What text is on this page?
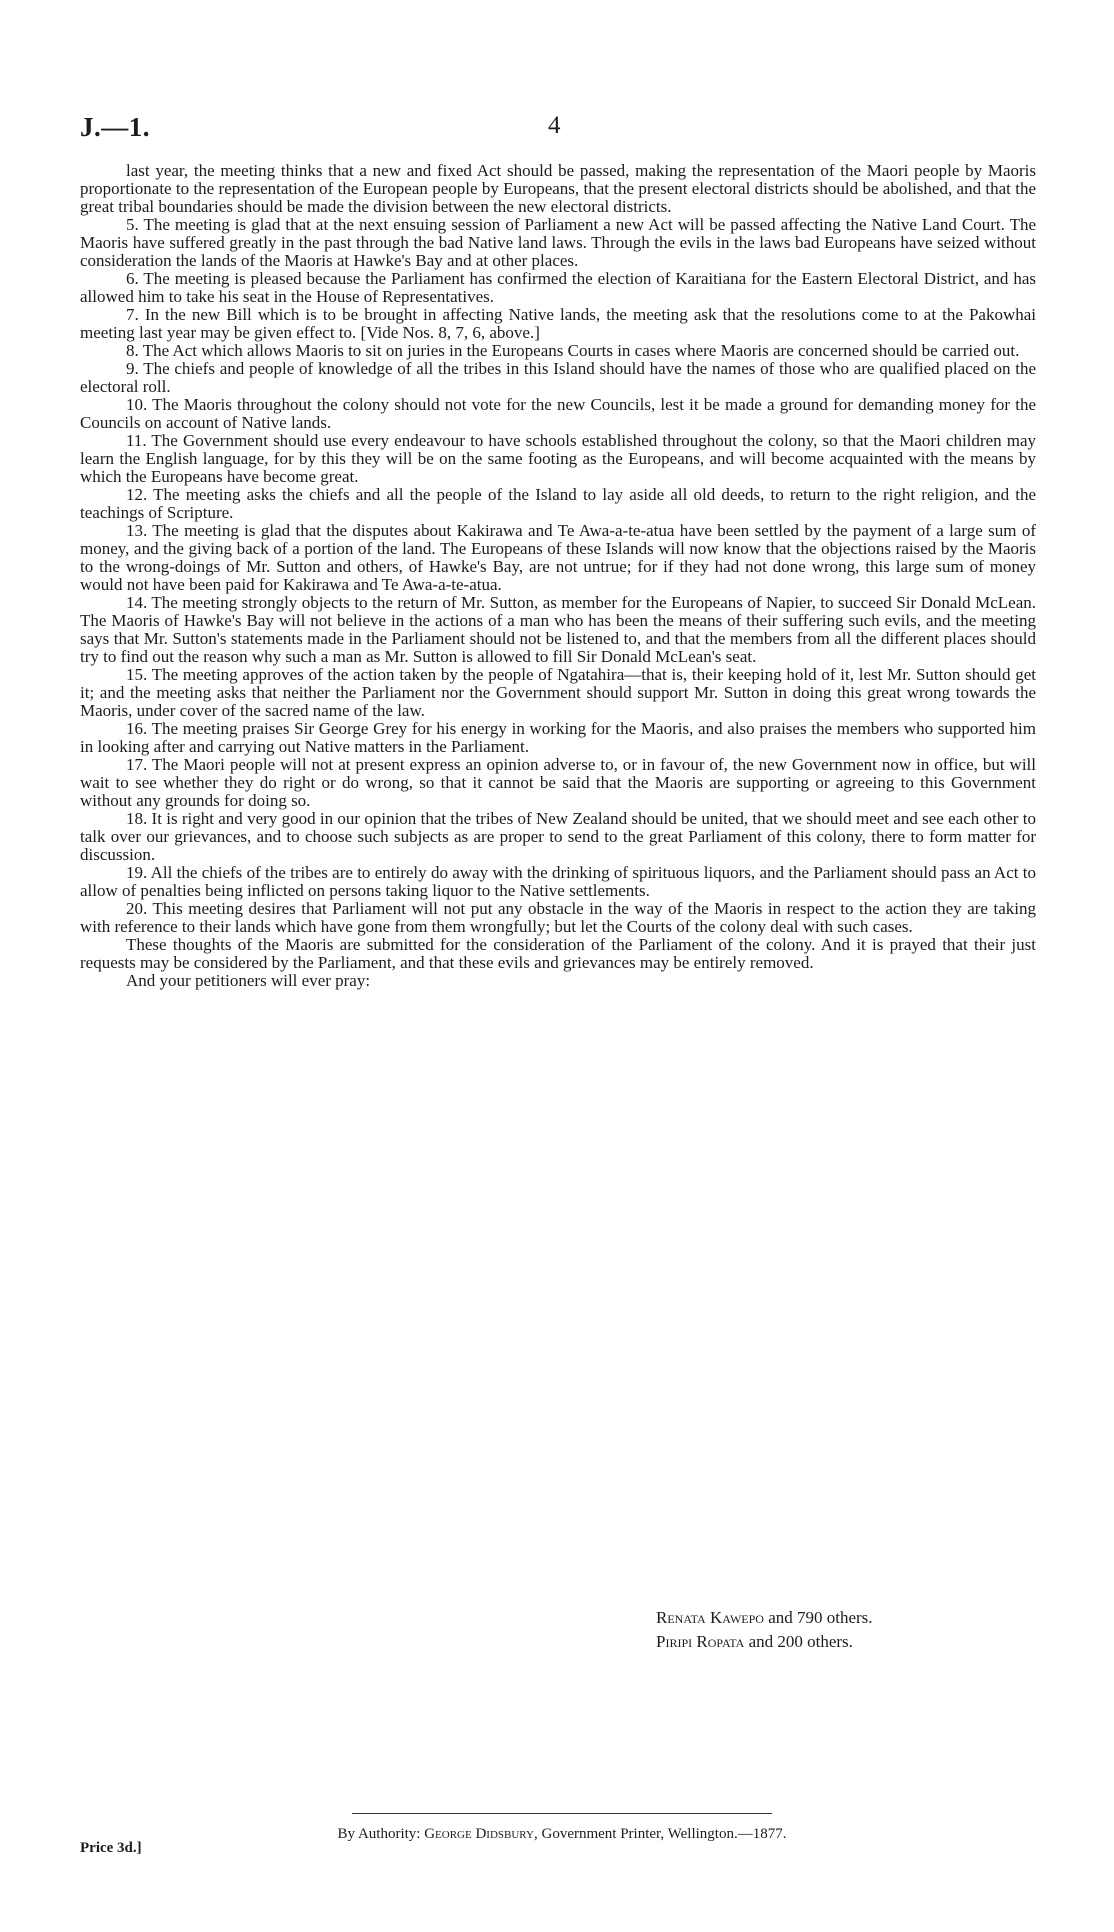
J.—1.	4

last year, the meeting thinks that a new and fixed Act should be passed, making the representation of the Maori people by Maoris proportionate to the representation of the European people by Europeans, that the present electoral districts should be abolished, and that the great tribal boundaries should be made the division between the new electoral districts.

5. The meeting is glad that at the next ensuing session of Parliament a new Act will be passed affecting the Native Land Court. The Maoris have suffered greatly in the past through the bad Native land laws. Through the evils in the laws bad Europeans have seized without consideration the lands of the Maoris at Hawke's Bay and at other places.

6. The meeting is pleased because the Parliament has confirmed the election of Karaitiana for the Eastern Electoral District, and has allowed him to take his seat in the House of Representatives.

7. In the new Bill which is to be brought in affecting Native lands, the meeting ask that the resolutions come to at the Pakowhai meeting last year may be given effect to. [Vide Nos. 8, 7, 6, above.]

8. The Act which allows Maoris to sit on juries in the Europeans Courts in cases where Maoris are concerned should be carried out.

9. The chiefs and people of knowledge of all the tribes in this Island should have the names of those who are qualified placed on the electoral roll.

10. The Maoris throughout the colony should not vote for the new Councils, lest it be made a ground for demanding money for the Councils on account of Native lands.

11. The Government should use every endeavour to have schools established throughout the colony, so that the Maori children may learn the English language, for by this they will be on the same footing as the Europeans, and will become acquainted with the means by which the Europeans have become great.

12. The meeting asks the chiefs and all the people of the Island to lay aside all old deeds, to return to the right religion, and the teachings of Scripture.

13. The meeting is glad that the disputes about Kakirawa and Te Awa-a-te-atua have been settled by the payment of a large sum of money, and the giving back of a portion of the land. The Europeans of these Islands will now know that the objections raised by the Maoris to the wrong-doings of Mr. Sutton and others, of Hawke's Bay, are not untrue; for if they had not done wrong, this large sum of money would not have been paid for Kakirawa and Te Awa-a-te-atua.

14. The meeting strongly objects to the return of Mr. Sutton, as member for the Europeans of Napier, to succeed Sir Donald McLean. The Maoris of Hawke's Bay will not believe in the actions of a man who has been the means of their suffering such evils, and the meeting says that Mr. Sutton's statements made in the Parliament should not be listened to, and that the members from all the different places should try to find out the reason why such a man as Mr. Sutton is allowed to fill Sir Donald McLean's seat.

15. The meeting approves of the action taken by the people of Ngatahira—that is, their keeping hold of it, lest Mr. Sutton should get it; and the meeting asks that neither the Parliament nor the Government should support Mr. Sutton in doing this great wrong towards the Maoris, under cover of the sacred name of the law.

16. The meeting praises Sir George Grey for his energy in working for the Maoris, and also praises the members who supported him in looking after and carrying out Native matters in the Parliament.

17. The Maori people will not at present express an opinion adverse to, or in favour of, the new Government now in office, but will wait to see whether they do right or do wrong, so that it cannot be said that the Maoris are supporting or agreeing to this Government without any grounds for doing so.

18. It is right and very good in our opinion that the tribes of New Zealand should be united, that we should meet and see each other to talk over our grievances, and to choose such subjects as are proper to send to the great Parliament of this colony, there to form matter for discussion.

19. All the chiefs of the tribes are to entirely do away with the drinking of spirituous liquors, and the Parliament should pass an Act to allow of penalties being inflicted on persons taking liquor to the Native settlements.

20. This meeting desires that Parliament will not put any obstacle in the way of the Maoris in respect to the action they are taking with reference to their lands which have gone from them wrongfully; but let the Courts of the colony deal with such cases.

These thoughts of the Maoris are submitted for the consideration of the Parliament of the colony. And it is prayed that their just requests may be considered by the Parliament, and that these evils and grievances may be entirely removed.

And your petitioners will ever pray:

Renata Kawepo and 790 others.
Piripi Ropata and 200 others.
Price 3d.]
By Authority: George Didsbury, Government Printer, Wellington.—1877.
